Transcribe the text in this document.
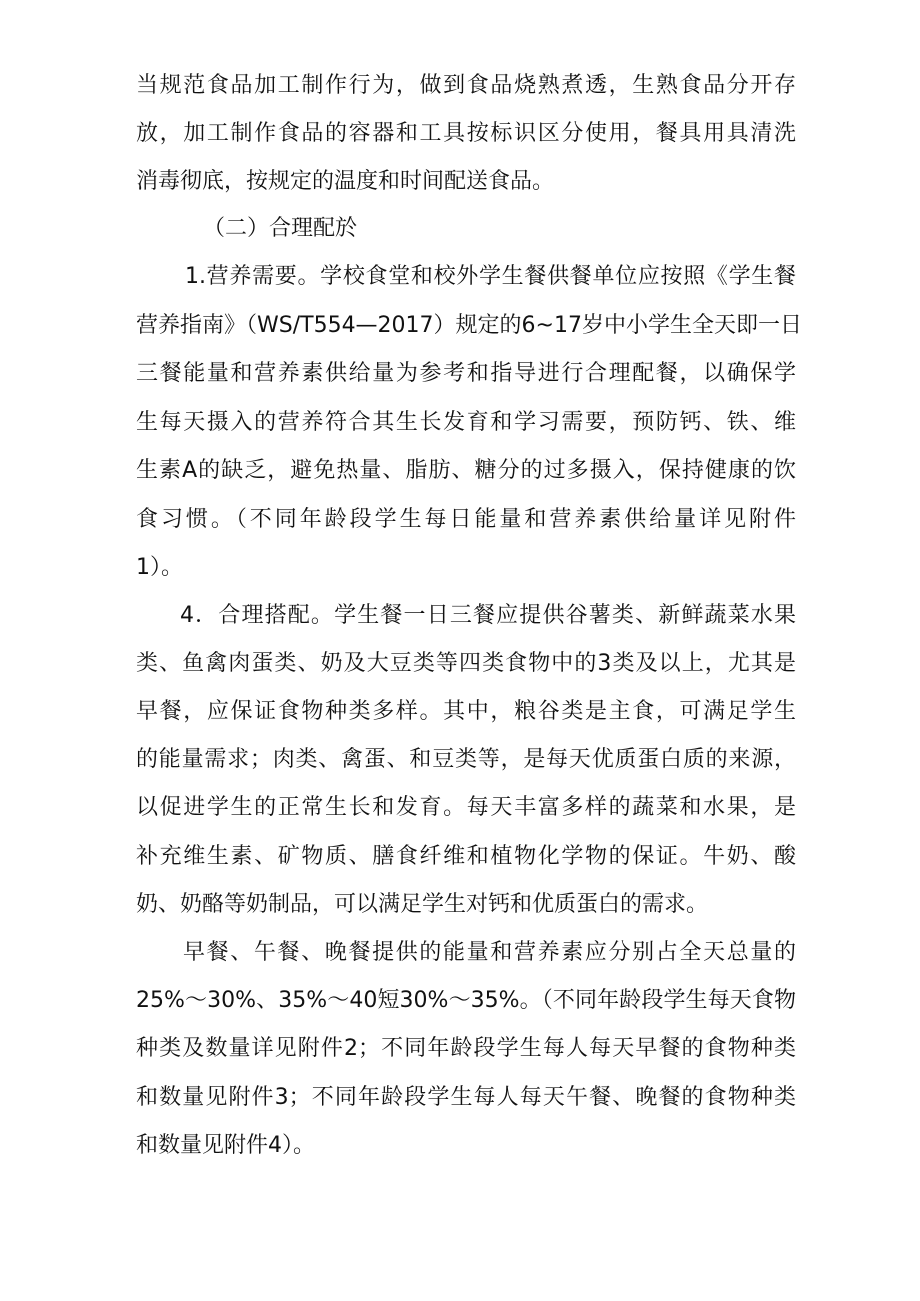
当规范食品加工制作行为，做到食品烧熟煮透，生熟食品分开存
放，加工制作食品的容器和工具按标识区分使用，餐具用具清洗
消毒彻底，按规定的温度和时间配送食品。
（二）合理配於
1.营养需要。学校食堂和校外学生餐供餐单位应按照《学生餐
营养指南》（WS/T554—2017）规定的6~17岁中小学生全天即一日
三餐能量和营养素供给量为参考和指导进行合理配餐，以确保学
生每天摄入的营养符合其生长发育和学习需要，预防钙、铁、维
生素A的缺乏，避免热量、脂肪、糖分的过多摄入，保持健康的饮
食习惯。（不同年龄段学生每日能量和营养素供给量详见附件
1）。
4．合理搭配。学生餐一日三餐应提供谷薯类、新鲜蔬菜水果
类、鱼禽肉蛋类、奶及大豆类等四类食物中的3类及以上，尤其是
早餐，应保证食物种类多样。其中，粮谷类是主食，可满足学生
的能量需求；肉类、禽蛋、和豆类等，是每天优质蛋白质的来源，
以促进学生的正常生长和发育。每天丰富多样的蔬菜和水果，是
补充维生素、矿物质、膳食纤维和植物化学物的保证。牛奶、酸
奶、奶酪等奶制品，可以满足学生对钙和优质蛋白的需求。
早餐、午餐、晚餐提供的能量和营养素应分别占全天总量的
25%～30%、35%～40短30%～35%。（不同年龄段学生每天食物
种类及数量详见附件2；不同年龄段学生每人每天早餐的食物种类
和数量见附件3；不同年龄段学生每人每天午餐、晚餐的食物种类
和数量见附件4）。
